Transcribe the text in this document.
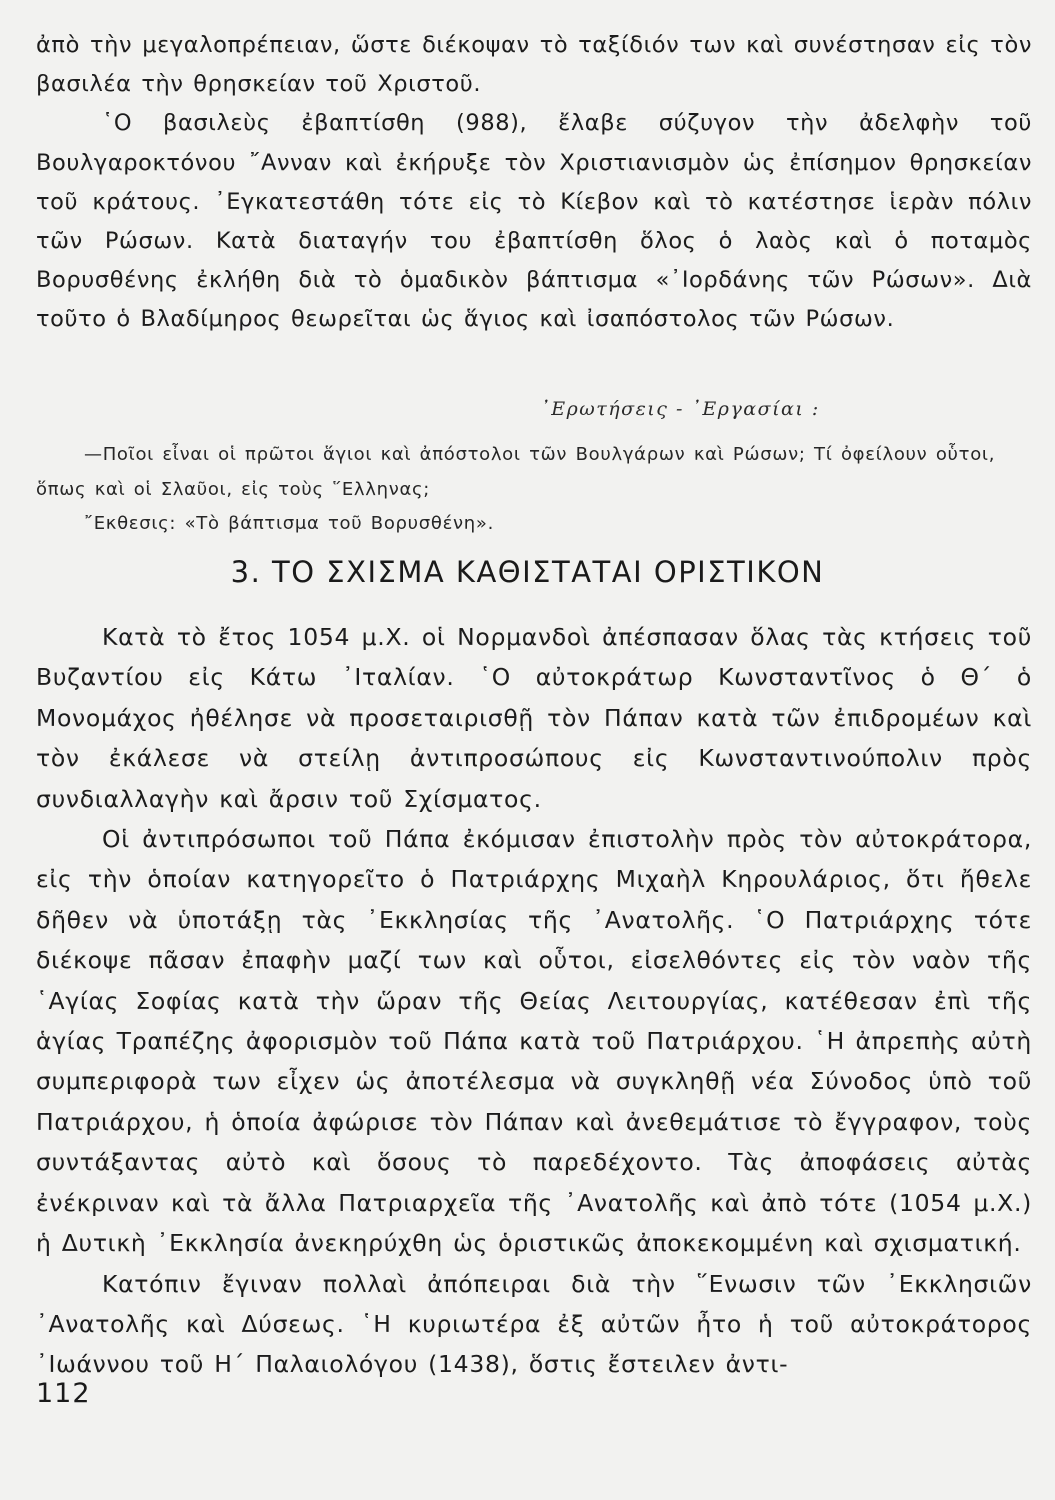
ἀπὸ τὴν μεγαλοπρέπειαν, ὥστε διέκοψαν τὸ ταξίδιόν των καὶ συνέστησαν εἰς τὸν βασιλέα τὴν θρησκείαν τοῦ Χριστοῦ.

῾Ο βασιλεὺς ἐβαπτίσθη (988), ἔλαβε σύζυγον τὴν ἀδελφὴν τοῦ Βουλγαροκτόνου ῎Ανναν καὶ ἐκήρυξε τὸν Χριστιανισμὸν ὡς ἐπίσημον θρησκείαν τοῦ κράτους. ᾿Εγκατεστάθη τότε εἰς τὸ Κίεβον καὶ τὸ κατέστησε ἱερὰν πόλιν τῶν Ρώσων. Κατὰ διαταγήν του ἐβαπτίσθη ὅλος ὁ λαὸς καὶ ὁ ποταμὸς Βορυσθένης ἐκλήθη διὰ τὸ ὁμαδικὸν βάπτισμα «᾿Ιορδάνης τῶν Ρώσων». Διὰ τοῦτο ὁ Βλαδίμηρος θεωρεῖται ὡς ἅγιος καὶ ἰσαπόστολος τῶν Ρώσων.

᾿Ερωτήσεις - ᾿Εργασίαι :

—Ποῖοι εἶναι οἱ πρῶτοι ἅγιοι καὶ ἀπόστολοι τῶν Βουλγάρων καὶ Ρώσων; Τί ὀφείλουν οὗτοι, ὅπως καὶ οἱ Σλαῦοι, εἰς τοὺς ῞Ελληνας;

῎Εκθεσις: «Τὸ βάπτισμα τοῦ Βορυσθένη».

3. ΤΟ ΣΧΙΣΜΑ ΚΑΘΙΣΤΑΤΑΙ ΟΡΙΣΤΙΚΟΝ

Κατὰ τὸ ἔτος 1054 μ.Χ. οἱ Νορμανδοὶ ἀπέσπασαν ὅλας τὰς κτήσεις τοῦ Βυζαντίου εἰς Κάτω ᾿Ιταλίαν. ῾Ο αὐτοκράτωρ Κωνσταντῖνος ὁ Θ΄ ὁ Μονομάχος ἠθέλησε νὰ προσεταιρισθῇ τὸν Πάπαν κατὰ τῶν ἐπιδρομέων καὶ τὸν ἐκάλεσε νὰ στείλῃ ἀντιπροσώπους εἰς Κωνσταντινούπολιν πρὸς συνδιαλλαγὴν καὶ ἄρσιν τοῦ Σχίσματος.

Οἱ ἀντιπρόσωποι τοῦ Πάπα ἐκόμισαν ἐπιστολὴν πρὸς τὸν αὐτοκράτορα, εἰς τὴν ὁποίαν κατηγορεῖτο ὁ Πατριάρχης Μιχαὴλ Κηρουλάριος, ὅτι ἤθελε δῆθεν νὰ ὑποτάξῃ τὰς ᾿Εκκλησίας τῆς ᾿Ανατολῆς. ῾Ο Πατριάρχης τότε διέκοψε πᾶσαν ἐπαφὴν μαζί των καὶ οὗτοι, εἰσελθόντες εἰς τὸν ναὸν τῆς ῾Αγίας Σοφίας κατὰ τὴν ὥραν τῆς Θείας Λειτουργίας, κατέθεσαν ἐπὶ τῆς ἁγίας Τραπέζης ἀφορισμὸν τοῦ Πάπα κατὰ τοῦ Πατριάρχου. ῾Η ἀπρεπὴς αὐτὴ συμπεριφορὰ των εἶχεν ὡς ἀποτέλεσμα νὰ συγκληθῇ νέα Σύνοδος ὑπὸ τοῦ Πατριάρχου, ἡ ὁποία ἀφώρισε τὸν Πάπαν καὶ ἀνεθεμάτισε τὸ ἔγγραφον, τοὺς συντάξαντας αὐτὸ καὶ ὅσους τὸ παρεδέχοντο. Τὰς ἀποφάσεις αὐτὰς ἐνέκριναν καὶ τὰ ἄλλα Πατριαρχεῖα τῆς ᾿Ανατολῆς καὶ ἀπὸ τότε (1054 μ.Χ.) ἡ Δυτικὴ ᾿Εκκλησία ἀνεκηρύχθη ὡς ὁριστικῶς ἀποκεκομμένη καὶ σχισματική.

Κατόπιν ἔγιναν πολλαὶ ἀπόπειραι διὰ τὴν ῞Ενωσιν τῶν ᾿Εκκλησιῶν ᾿Ανατολῆς καὶ Δύσεως. ῾Η κυριωτέρα ἐξ αὐτῶν ἦτο ἡ τοῦ αὐτοκράτορος ᾿Ιωάννου τοῦ Η΄ Παλαιολόγου (1438), ὅστις ἔστειλεν ἀντι-

112
